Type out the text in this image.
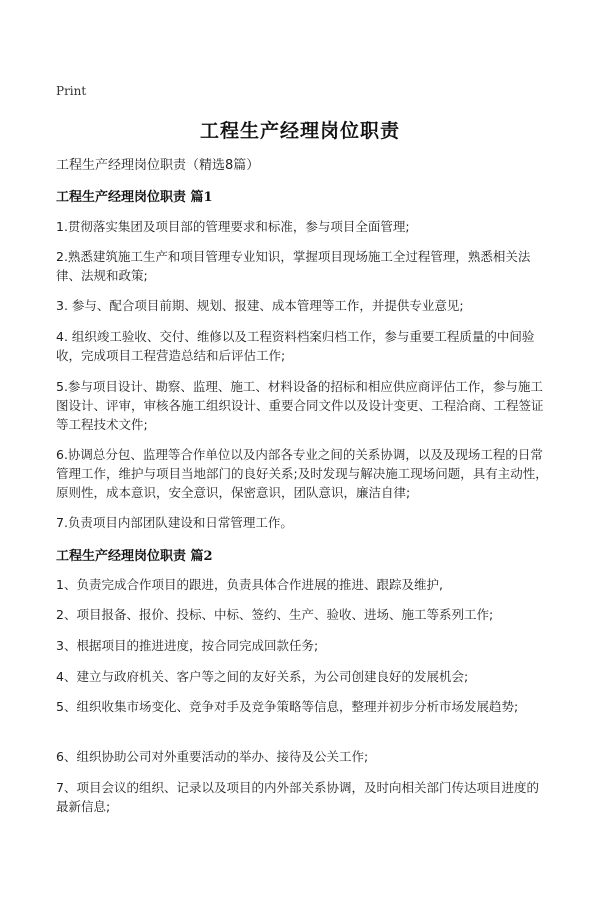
Print
工程生产经理岗位职责
工程生产经理岗位职责（精选8篇）
工程生产经理岗位职责 篇1
1.贯彻落实集团及项目部的管理要求和标准，参与项目全面管理;
2.熟悉建筑施工生产和项目管理专业知识，掌握项目现场施工全过程管理，熟悉相关法律、法规和政策;
3. 参与、配合项目前期、规划、报建、成本管理等工作，并提供专业意见;
4. 组织竣工验收、交付、维修以及工程资料档案归档工作，参与重要工程质量的中间验收，完成项目工程营造总结和后评估工作;
5.参与项目设计、勘察、监理、施工、材料设备的招标和相应供应商评估工作，参与施工图设计、评审，审核各施工组织设计、重要合同文件以及设计变更、工程洽商、工程签证等工程技术文件;
6.协调总分包、监理等合作单位以及内部各专业之间的关系协调，以及及现场工程的日常管理工作，维护与项目当地部门的良好关系;及时发现与解决施工现场问题，具有主动性，原则性，成本意识，安全意识，保密意识，团队意识，廉洁自律;
7.负责项目内部团队建设和日常管理工作。
工程生产经理岗位职责 篇2
1、负责完成合作项目的跟进，负责具体合作进展的推进、跟踪及维护,
2、项目报备、报价、投标、中标、签约、生产、验收、进场、施工等系列工作;
3、根据项目的推进进度，按合同完成回款任务;
4、建立与政府机关、客户等之间的友好关系，为公司创建良好的发展机会;
5、组织收集市场变化、竞争对手及竞争策略等信息，整理并初步分析市场发展趋势;
6、组织协助公司对外重要活动的举办、接待及公关工作;
7、项目会议的组织、记录以及项目的内外部关系协调，及时向相关部门传达项目进度的最新信息;
